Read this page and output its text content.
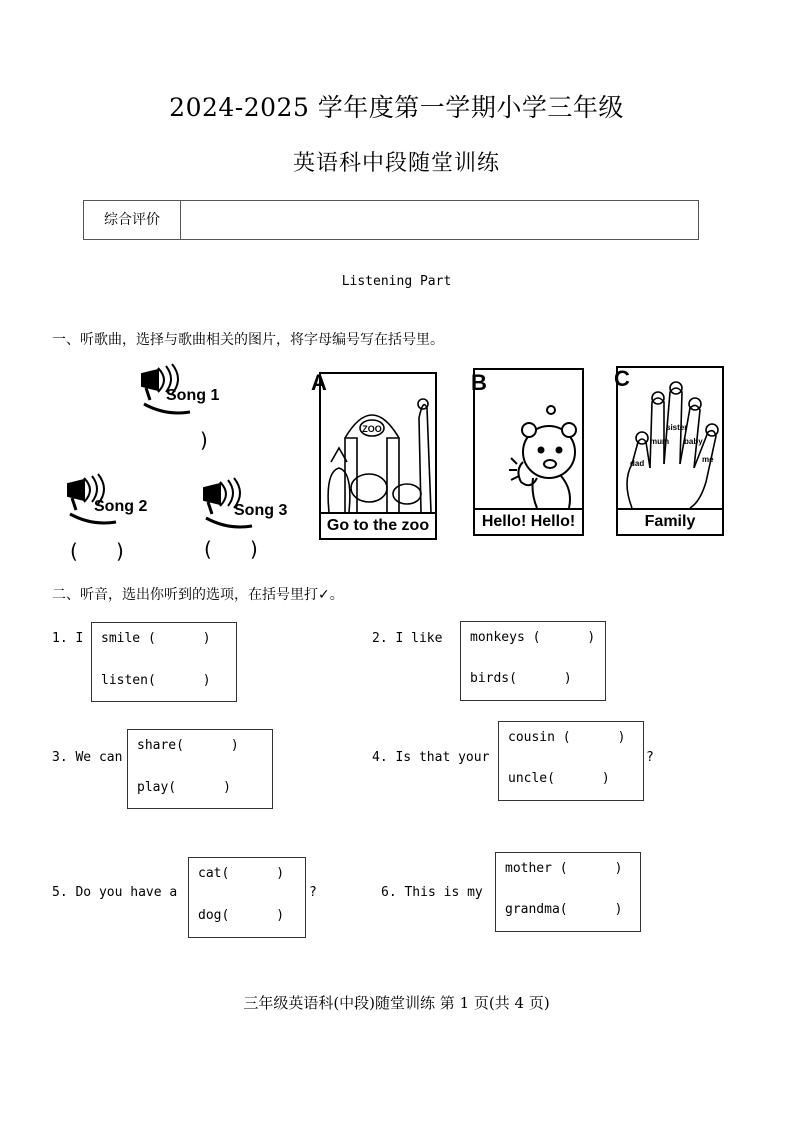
2024-2025 学年度第一学期小学三年级
英语科中段随堂训练
综合评价
Listening Part
一、听歌曲，选择与歌曲相关的图片，将字母编号写在括号里。
Song 1
)
Song 2
(      )
Song 3
(      )
A
ZOO
Go to the zoo
B
Hello! Hello!
C
dad
mum
sister
baby
me
Family
二、听音，选出你听到的选项，在括号里打✓。
1. I smile (      )
listen(      )
2. I like monkeys (      )
birds(      )
3. We can
share(      )
play(      )
4. Is that your
cousin (      )
uncle(      )
?
5. Do you have a
cat(      )
dog(      )
?	6. This is my
mother (      )
grandma(      )
三年级英语科(中段)随堂训练 第 1 页(共 4 页)
